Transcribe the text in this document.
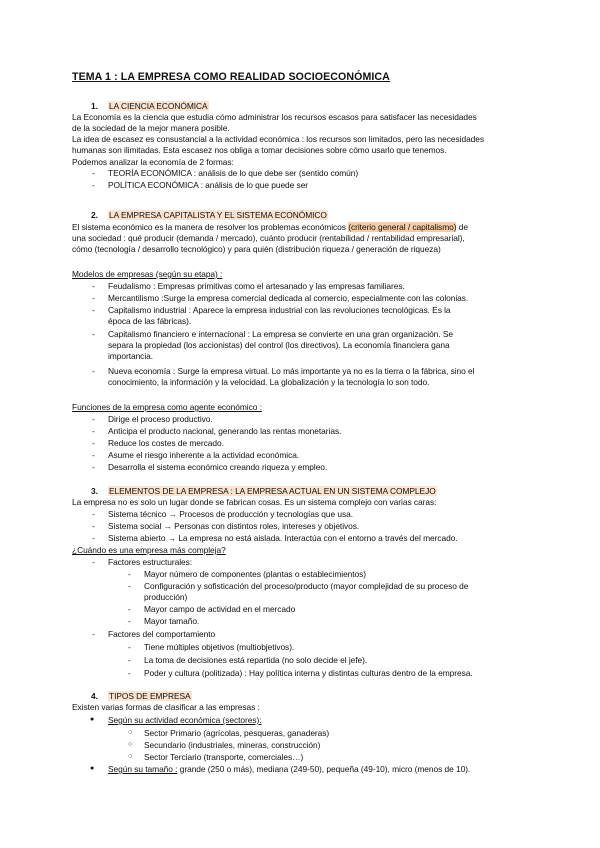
TEMA 1 : LA EMPRESA COMO REALIDAD SOCIOECONÓMICA
1. LA CIENCIA ECONÓMICA
La Economía es la ciencia que estudia cómo administrar los recursos escasos para satisfacer las necesidades
de la sociedad de la mejor manera posible.
La idea de escasez es consustancial a la actividad económica : los recursos son limitados, pero las necesidades
humanas son ilimitadas. Esta escasez nos obliga a tomar decisiones sobre cómo usarlo que tenemos.
Podemos analizar la economía de 2 formas:
- TEORÍA ECONÓMICA : análisis de lo que debe ser (sentido común)
- POLÍTICA ECONÓMICA : análisis de lo que puede ser
2. LA EMPRESA CAPITALISTA Y EL SISTEMA ECONÓMICO
El sistema económico es la manera de resolver los problemas económicos (criterio general / capitalismo) de
una sociedad : qué producir (demanda / mercado), cuánto producir (rentabilidad / rentabilidad empresarial),
cómo (tecnología / desarrollo tecnológico) y para quién (distribución riqueza / generación de riqueza)
Modelos de empresas (según su etapa) :
- Feudalismo : Empresas primitivas como el artesanado y las empresas familiares.
- Mercantilismo :Surge la empresa comercial dedicada al comercio, especialmente con las colonias.
- Capitalismo industrial : Aparece la empresa industrial con las revoluciones tecnológicas. Es la
época de las fábricas).
- Capitalismo financiero e internacional : La empresa se convierte en una gran organización. Se
separa la propiedad (los accionistas) del control (los directivos). La economía financiera gana
importancia.
- Nueva economía : Surge la empresa virtual. Lo más importante ya no es la tierra o la fábrica, sino el
conocimiento, la información y la velocidad. La globalización y la tecnología lo son todo.
Funciones de la empresa como agente económico :
- Dirige el proceso productivo.
- Anticipa el producto nacional, generando las rentas monetarias.
- Reduce los costes de mercado.
- Asume el riesgo inherente a la actividad económica.
- Desarrolla el sistema económico creando riqueza y empleo.
3. ELEMENTOS DE LA EMPRESA : LA EMPRESA ACTUAL EN UN SISTEMA COMPLEJO
La empresa no es solo un lugar donde se fabrican cosas. Es un sistema complejo con varias caras:
- Sistema técnico → Procesos de producción y tecnologías que usa.
- Sistema social → Personas con distintos roles, intereses y objetivos.
- Sistema abierto → La empresa no está aislada. Interactúa con el entorno a través del mercado.
¿Cuándo es una empresa más compleja?
- Factores estructurales:
- Mayor número de componentes (plantas o establecimientos)
- Configuración y sofisticación del proceso/producto (mayor complejidad de su proceso de
producción)
- Mayor campo de actividad en el mercado
- Mayor tamaño.
- Factores del comportamiento
- Tiene múltiples objetivos (multiobjetivos).
- La toma de decisiones está repartida (no solo decide el jefe).
- Poder y cultura (politizada) : Hay política interna y distintas culturas dentro de la empresa.
4. TIPOS DE EMPRESA
Existen varias formas de clasificar a las empresas :
● Según su actividad económica (sectores):
○ Sector Primario (agrícolas, pesqueras, ganaderas)
○ Secundario (industriales, mineras, construcción)
○ Sector Terciario (transporte, comerciales…)
● Según su tamaño : grande (250 o más), mediana (249-50), pequeña (49-10), micro (menos de 10).
